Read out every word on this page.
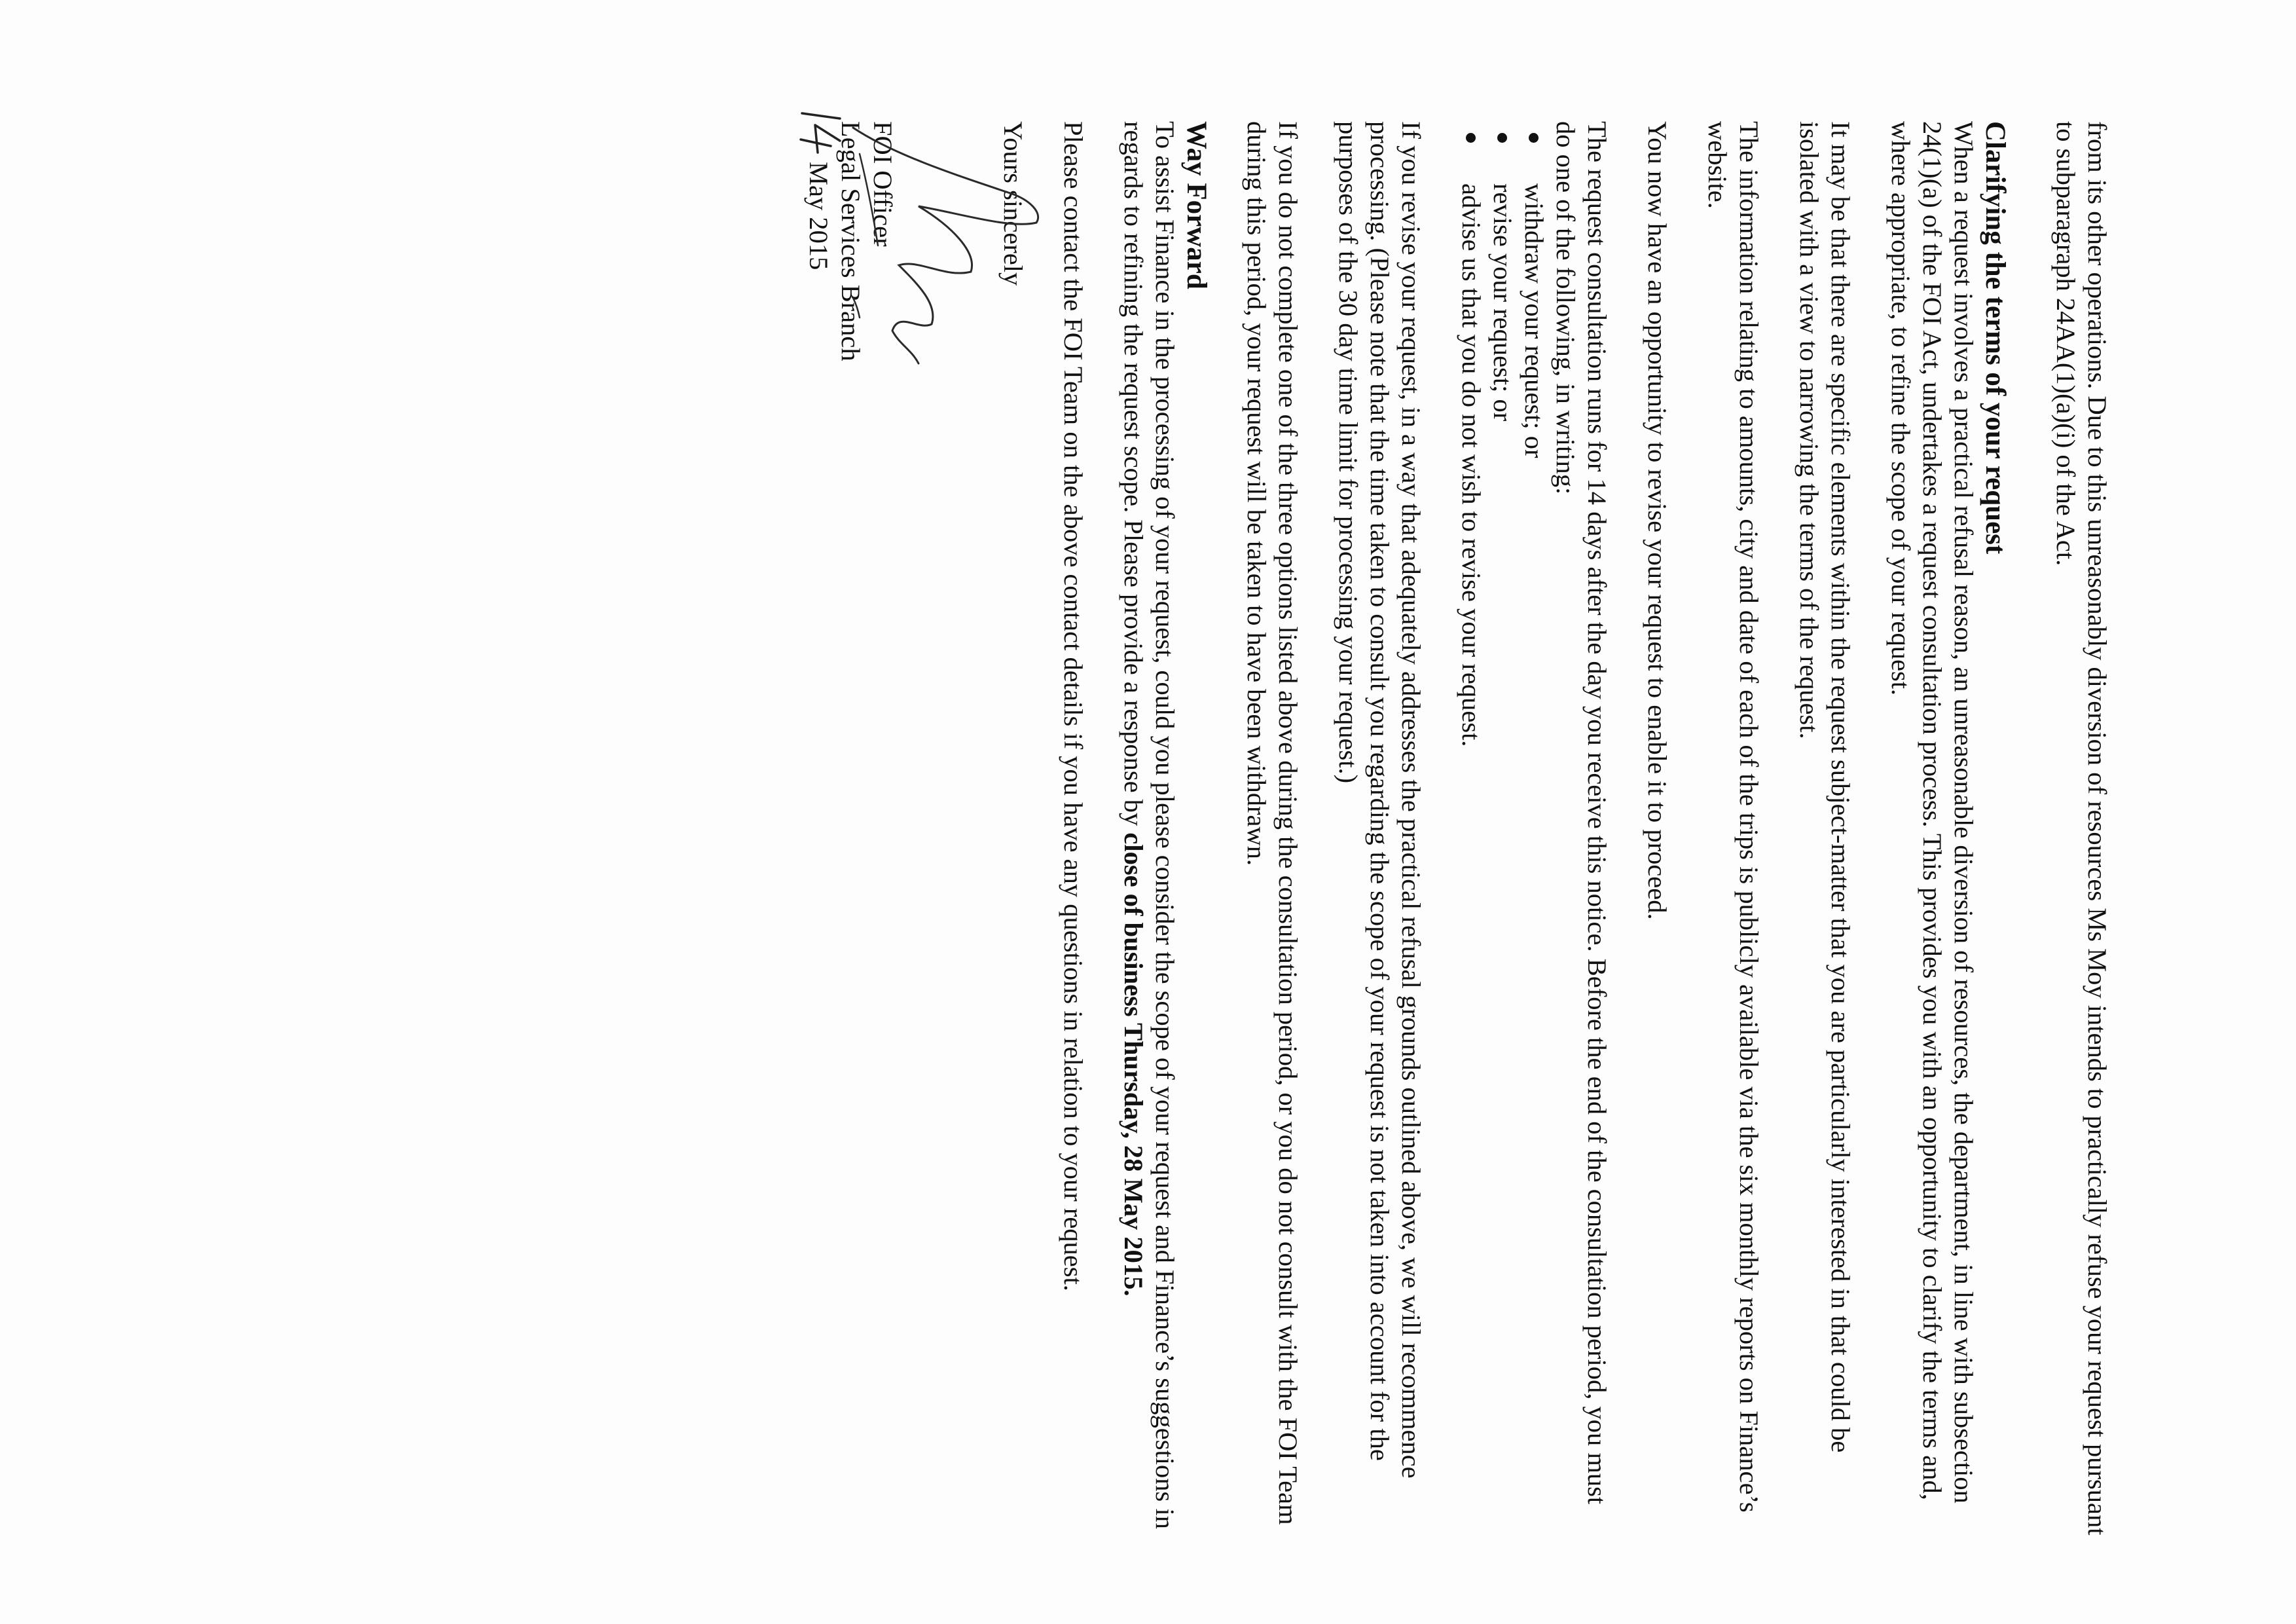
from its other operations. Due to this unreasonably diversion of resources Ms Moy intends to practically refuse your request pursuant to subparagraph 24AA(1)(a)(i) of the Act.

Clarifying the terms of your request

When a request involves a practical refusal reason, an unreasonable diversion of resources, the department, in line with subsection 24(1)(a) of the FOI Act, undertakes a request consultation process. This provides you with an opportunity to clarify the terms and, where appropriate, to refine the scope of your request.

It may be that there are specific elements within the request subject-matter that you are particularly interested in that could be isolated with a view to narrowing the terms of the request.

The information relating to amounts, city and date of each of the trips is publicly available via the six monthly reports on Finance’s website.

You now have an opportunity to revise your request to enable it to proceed.

The request consultation runs for 14 days after the day you receive this notice. Before the end of the consultation period, you must do one of the following, in writing:

withdraw your request; or
revise your request; or
advise us that you do not wish to revise your request.

If you revise your request, in a way that adequately addresses the practical refusal grounds outlined above, we will recommence processing. (Please note that the time taken to consult you regarding the scope of your request is not taken into account for the purposes of the 30 day time limit for processing your request.)

If you do not complete one of the three options listed above during the consultation period, or you do not consult with the FOI Team during this period, your request will be taken to have been withdrawn.

Way Forward

To assist Finance in the processing of your request, could you please consider the scope of your request and Finance’s suggestions in regards to refining the request scope. Please provide a response by close of business Thursday, 28 May 2015.

Please contact the FOI Team on the above contact details if you have any questions in relation to your request.

Yours sincerely

FOI Officer

Legal Services Branch

May 2015
